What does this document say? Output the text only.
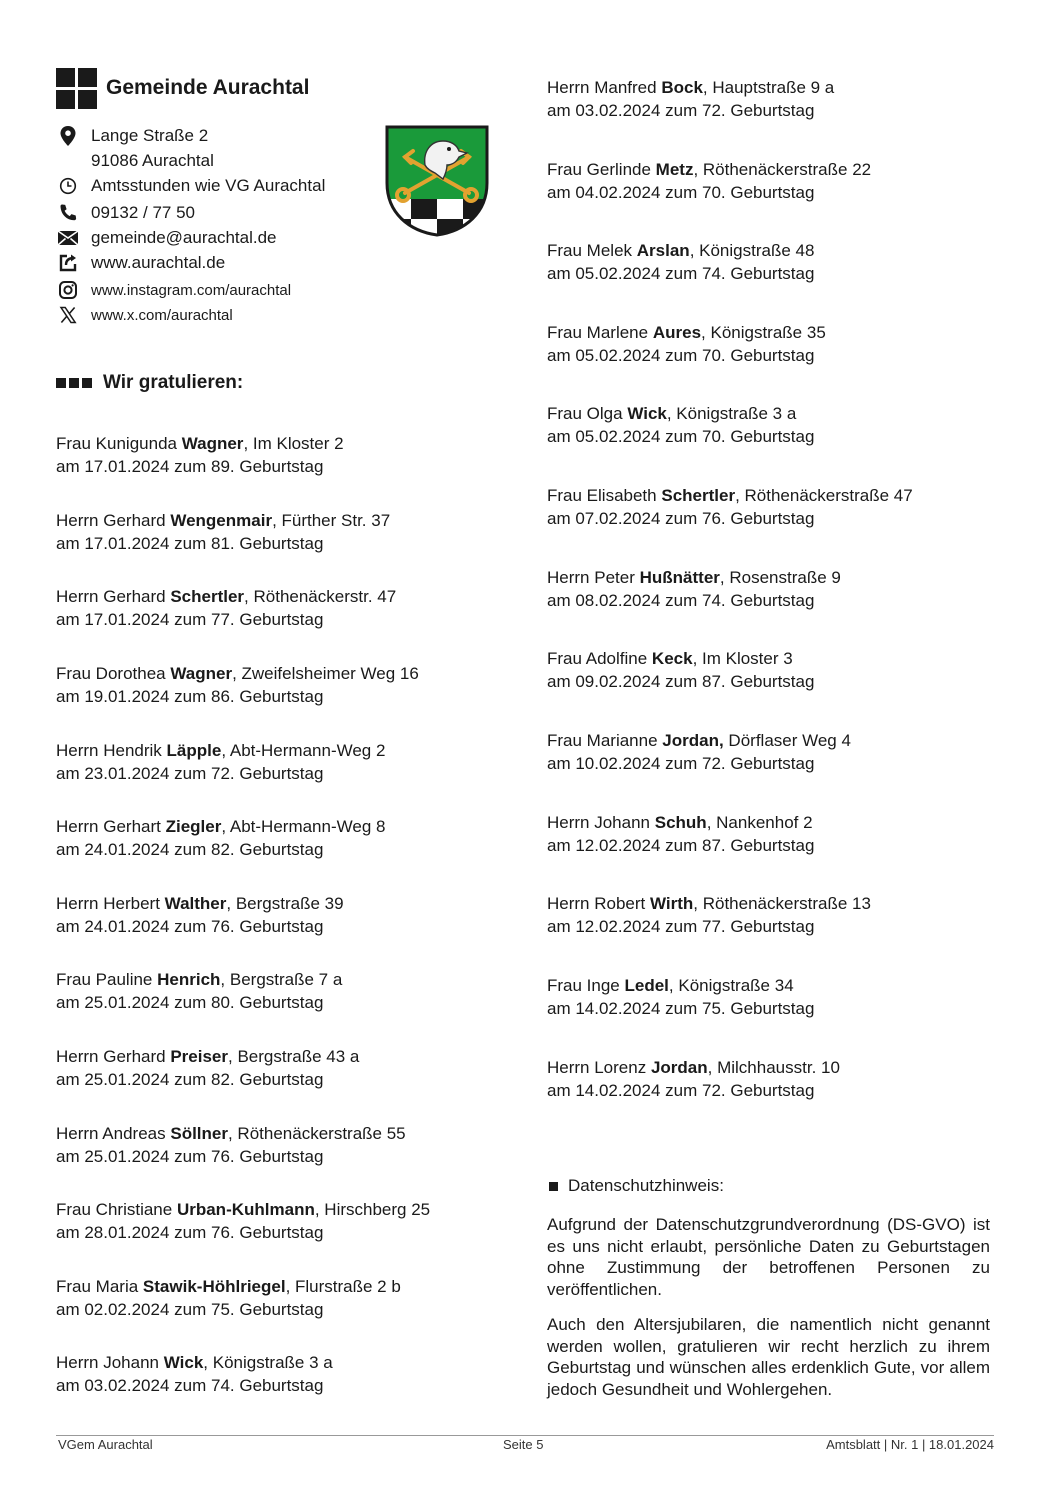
Gemeinde Aurachtal
Lange Straße 2
91086 Aurachtal
Amtsstunden wie VG Aurachtal
09132 / 77 50
gemeinde@aurachtal.de
www.aurachtal.de
www.instagram.com/aurachtal
www.x.com/aurachtal
Wir gratulieren:
Frau Kunigunda Wagner, Im Kloster 2
am 17.01.2024 zum 89. Geburtstag
Herrn Gerhard Wengenmair, Fürther Str. 37
am 17.01.2024 zum 81. Geburtstag
Herrn Gerhard Schertler, Röthenäckerstr. 47
am 17.01.2024 zum 77. Geburtstag
Frau Dorothea Wagner, Zweifelsheimer Weg 16
am 19.01.2024 zum 86. Geburtstag
Herrn Hendrik Läpple, Abt-Hermann-Weg 2
am 23.01.2024 zum 72. Geburtstag
Herrn Gerhart Ziegler, Abt-Hermann-Weg 8
am 24.01.2024 zum 82. Geburtstag
Herrn Herbert Walther, Bergstraße 39
am 24.01.2024 zum 76. Geburtstag
Frau Pauline Henrich, Bergstraße 7 a
am 25.01.2024 zum 80. Geburtstag
Herrn Gerhard Preiser, Bergstraße 43 a
am 25.01.2024 zum 82. Geburtstag
Herrn Andreas Söllner, Röthenäckerstraße 55
am 25.01.2024 zum 76. Geburtstag
Frau Christiane Urban-Kuhlmann, Hirschberg 25
am 28.01.2024 zum 76. Geburtstag
Frau Maria Stawik-Höhlriegel, Flurstraße 2 b
am 02.02.2024 zum 75. Geburtstag
Herrn Johann Wick, Königstraße 3 a
am 03.02.2024 zum 74. Geburtstag
Herrn Manfred Bock, Hauptstraße 9 a
am 03.02.2024 zum 72. Geburtstag
Frau Gerlinde Metz, Röthenäckerstraße 22
am 04.02.2024 zum 70. Geburtstag
Frau Melek Arslan, Königstraße 48
am 05.02.2024 zum 74. Geburtstag
Frau Marlene Aures, Königstraße 35
am 05.02.2024 zum 70. Geburtstag
Frau Olga Wick, Königstraße 3 a
am 05.02.2024 zum 70. Geburtstag
Frau Elisabeth Schertler, Röthenäckerstraße 47
am 07.02.2024 zum 76. Geburtstag
Herrn Peter Hußnätter, Rosenstraße 9
am 08.02.2024 zum 74. Geburtstag
Frau Adolfine Keck, Im Kloster 3
am 09.02.2024 zum 87. Geburtstag
Frau Marianne Jordan, Dörflaser Weg 4
am 10.02.2024 zum 72. Geburtstag
Herrn Johann Schuh, Nankenhof 2
am 12.02.2024 zum 87. Geburtstag
Herrn Robert Wirth, Röthenäckerstraße 13
am 12.02.2024 zum 77. Geburtstag
Frau Inge Ledel, Königstraße 34
am 14.02.2024 zum 75. Geburtstag
Herrn Lorenz Jordan, Milchhausstr. 10
am 14.02.2024 zum 72. Geburtstag
Datenschutzhinweis:
Aufgrund der Datenschutzgrundverordnung (DS-GVO) ist es uns nicht erlaubt, persönliche Daten zu Geburtstagen ohne Zustimmung der betroffenen Personen zu veröffentlichen.
Auch den Altersjubilaren, die namentlich nicht genannt werden wollen, gratulieren wir recht herzlich zu ihrem Geburtstag und wünschen alles erdenklich Gute, vor allem jedoch Gesundheit und Wohlergehen.
VGem Aurachtal	Seite 5	Amtsblatt | Nr. 1 | 18.01.2024
